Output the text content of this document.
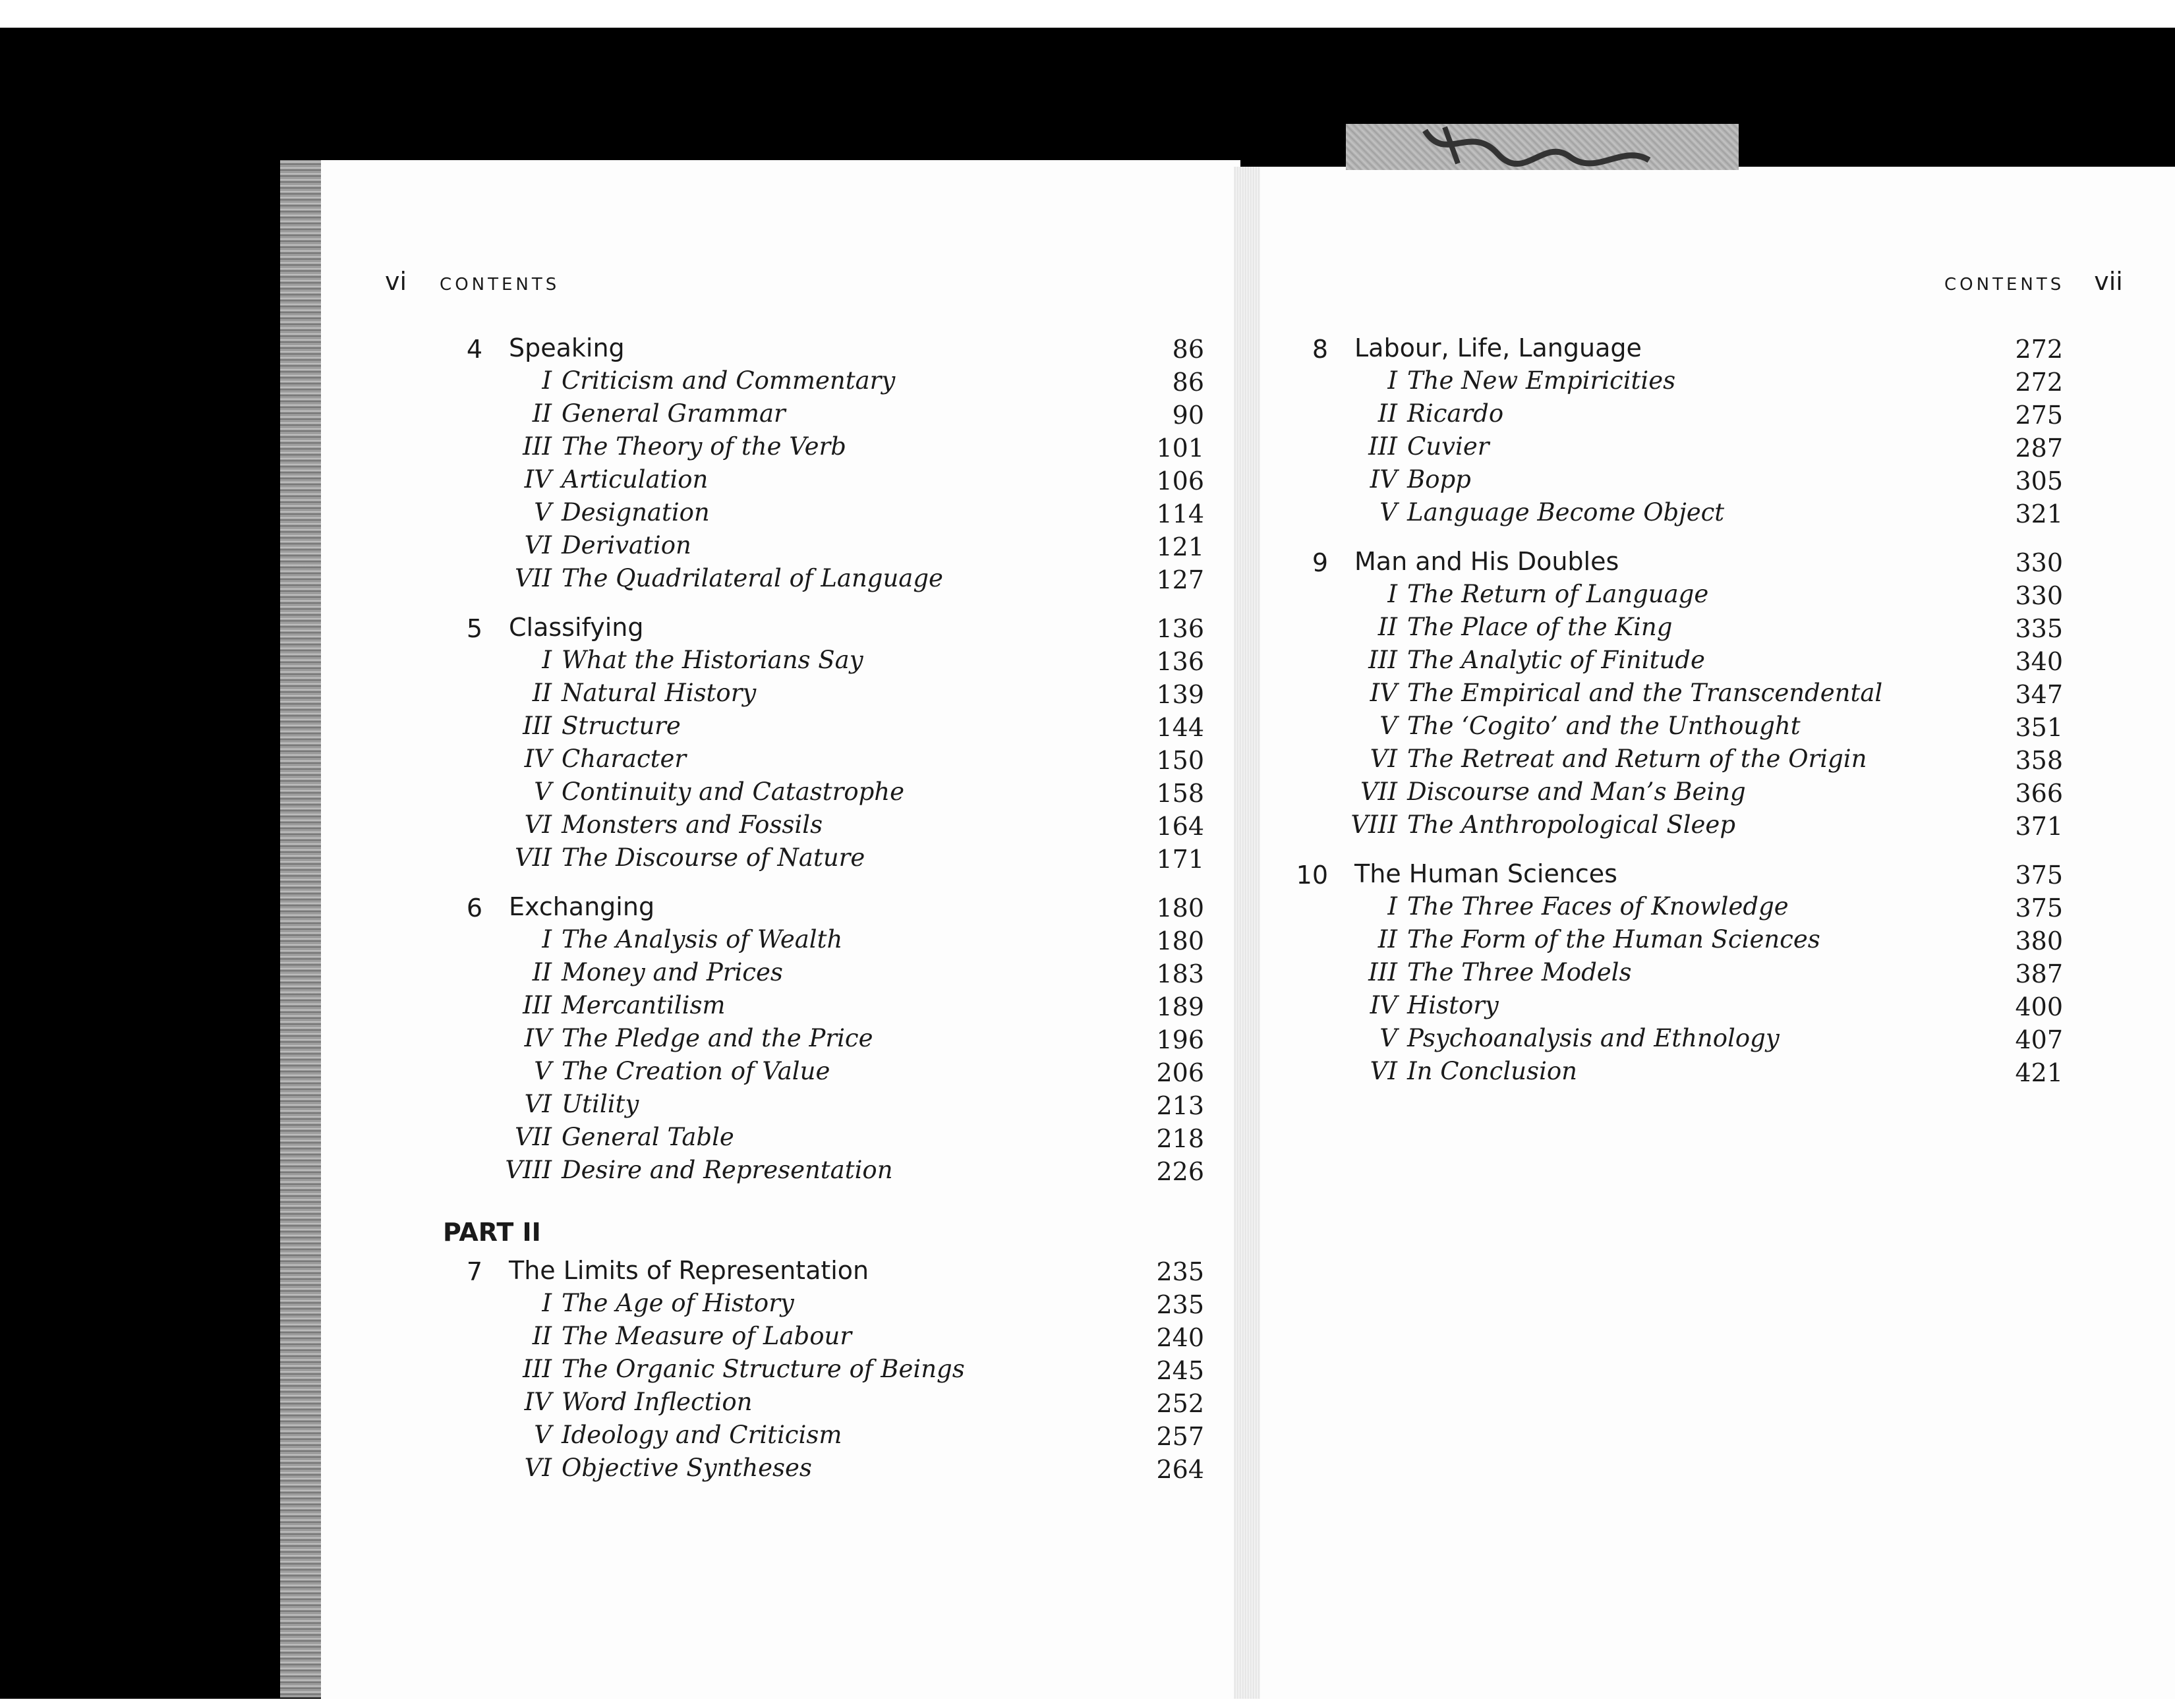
vi CONTENTS	CONTENTS vii
4 Speaking	86
I Criticism and Commentary	86
II General Grammar	90
III The Theory of the Verb	101
IV Articulation	106
V Designation	114
VI Derivation	121
VII The Quadrilateral of Language	127
5 Classifying	136
I What the Historians Say	136
II Natural History	139
III Structure	144
IV Character	150
V Continuity and Catastrophe	158
VI Monsters and Fossils	164
VII The Discourse of Nature	171
6 Exchanging	180
I The Analysis of Wealth	180
II Money and Prices	183
III Mercantilism	189
IV The Pledge and the Price	196
V The Creation of Value	206
VI Utility	213
VII General Table	218
VIII Desire and Representation	226
PART II
7 The Limits of Representation	235
I The Age of History	235
II The Measure of Labour	240
III The Organic Structure of Beings	245
IV Word Inflection	252
V Ideology and Criticism	257
VI Objective Syntheses	264
8 Labour, Life, Language	272
I The New Empiricities	272
II Ricardo	275
III Cuvier	287
IV Bopp	305
V Language Become Object	321
9 Man and His Doubles	330
I The Return of Language	330
II The Place of the King	335
III The Analytic of Finitude	340
IV The Empirical and the Transcendental	347
V The ‘Cogito’ and the Unthought	351
VI The Retreat and Return of the Origin	358
VII Discourse and Man’s Being	366
VIII The Anthropological Sleep	371
10 The Human Sciences	375
I The Three Faces of Knowledge	375
II The Form of the Human Sciences	380
III The Three Models	387
IV History	400
V Psychoanalysis and Ethnology	407
VI In Conclusion	421
